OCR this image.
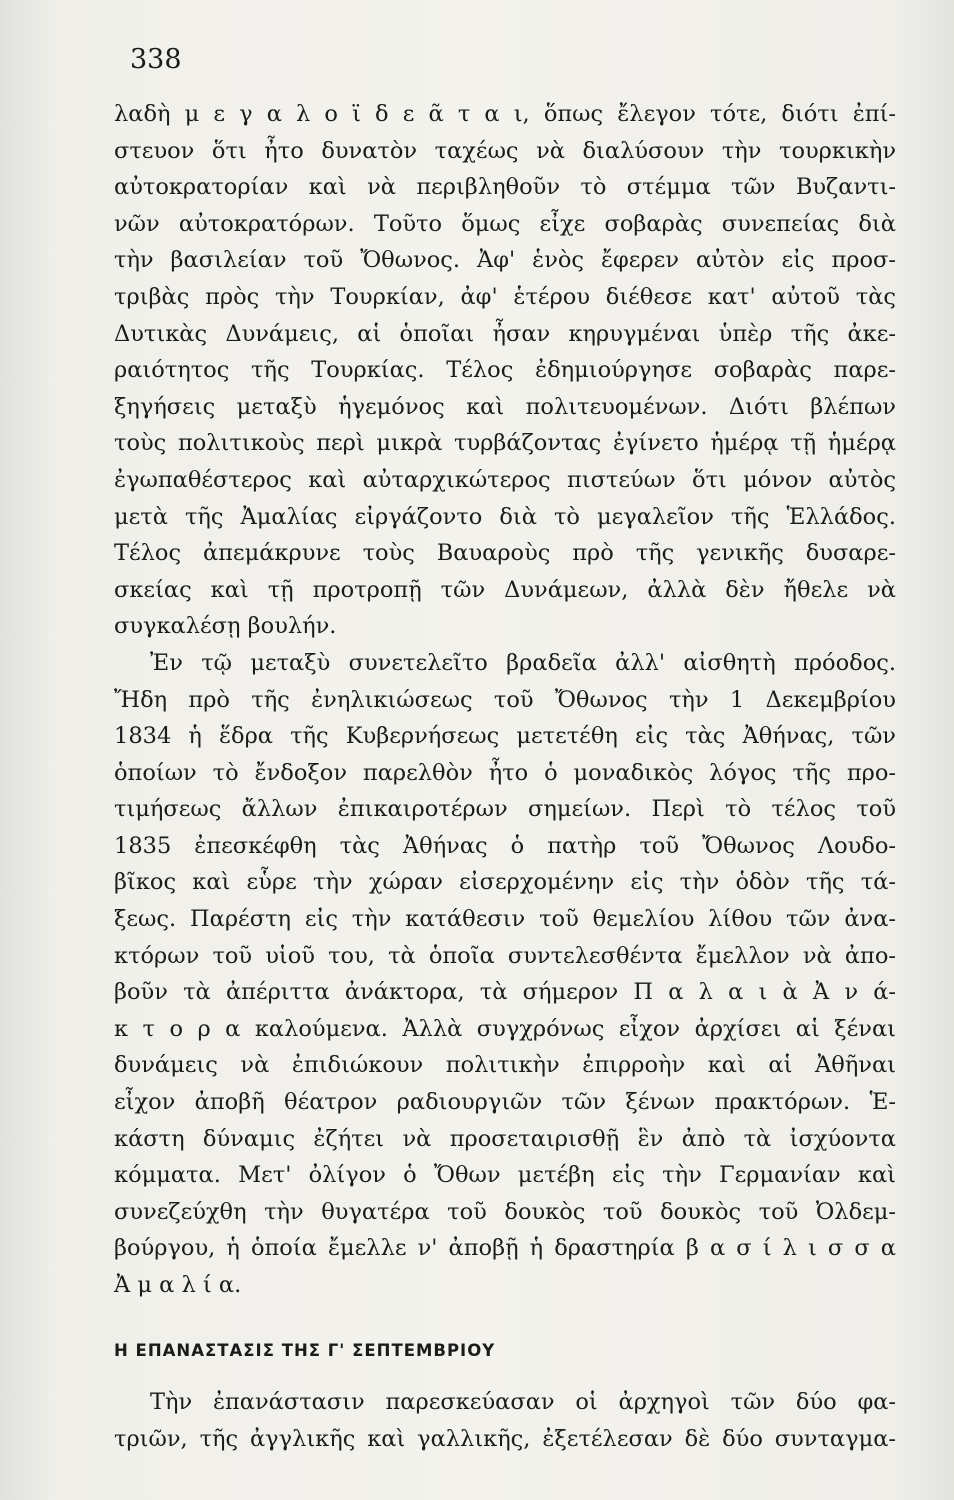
338
λαδὴ μ ε γ α λ ο ϊ δ ε ᾶ τ α ι, ὅπως ἔλεγον τότε, διότι ἐπί-
στευον ὅτι ἦτο δυνατὸν ταχέως νὰ διαλύσουν τὴν τουρκικὴν
αὐτοκρατορίαν καὶ νὰ περιβληθοῦν τὸ στέμμα τῶν Βυζαντι-
νῶν αὐτοκρατόρων. Τοῦτο ὅμως εἶχε σοβαρὰς συνεπείας διὰ
τὴν βασιλείαν τοῦ Ὄθωνος. Ἀφ' ἑνὸς ἔφερεν αὐτὸν εἰς προσ-
τριβὰς πρὸς τὴν Τουρκίαν, ἀφ' ἑτέρου διέθεσε κατ' αὐτοῦ τὰς
Δυτικὰς Δυνάμεις, αἱ ὁποῖαι ἦσαν κηρυγμέναι ὑπὲρ τῆς ἀκε-
ραιότητος τῆς Τουρκίας. Τέλος ἐδημιούργησε σοβαρὰς παρε-
ξηγήσεις μεταξὺ ἡγεμόνος καὶ πολιτευομένων. Διότι βλέπων
τοὺς πολιτικοὺς περὶ μικρὰ τυρβάζοντας ἐγίνετο ἡμέρᾳ τῇ ἡμέρᾳ
ἐγωπαθέστερος καὶ αὐταρχικώτερος πιστεύων ὅτι μόνον αὐτὸς
μετὰ τῆς Ἀμαλίας εἰργάζοντο διὰ τὸ μεγαλεῖον τῆς Ἑλλάδος.
Τέλος ἀπεμάκρυνε τοὺς Βαυαροὺς πρὸ τῆς γενικῆς δυσαρε-
σκείας καὶ τῇ προτροπῇ τῶν Δυνάμεων, ἀλλὰ δὲν ἤθελε νὰ
συγκαλέσῃ βουλήν.
Ἐν τῷ μεταξὺ συνετελεῖτο βραδεῖα ἀλλ' αἰσθητὴ πρόοδος.
Ἤδη πρὸ τῆς ἐνηλικιώσεως τοῦ Ὄθωνος τὴν 1 Δεκεμβρίου
1834 ἡ ἕδρα τῆς Κυβερνήσεως μετετέθη εἰς τὰς Ἀθήνας, τῶν
ὁποίων τὸ ἔνδοξον παρελθὸν ἦτο ὁ μοναδικὸς λόγος τῆς προ-
τιμήσεως ἄλλων ἐπικαιροτέρων σημείων. Περὶ τὸ τέλος τοῦ
1835 ἐπεσκέφθη τὰς Ἀθήνας ὁ πατὴρ τοῦ Ὄθωνος Λουδο-
βῖκος καὶ εὗρε τὴν χώραν εἰσερχομένην εἰς τὴν ὁδὸν τῆς τά-
ξεως. Παρέστη εἰς τὴν κατάθεσιν τοῦ θεμελίου λίθου τῶν ἀνα-
κτόρων τοῦ υἱοῦ του, τὰ ὁποῖα συντελεσθέντα ἔμελλον νὰ ἀπο-
βοῦν τὰ ἀπέριττα ἀνάκτορα, τὰ σήμερον Π α λ α ι ὰ Ἀ ν ά-
κ τ ο ρ α καλούμενα. Ἀλλὰ συγχρόνως εἶχον ἀρχίσει αἱ ξέναι
δυνάμεις νὰ ἐπιδιώκουν πολιτικὴν ἐπιρροὴν καὶ αἱ Ἀθῆναι
εἶχον ἀποβῆ θέατρον ραδιουργιῶν τῶν ξένων πρακτόρων. Ἑ-
κάστη δύναμις ἐζήτει νὰ προσεταιρισθῇ ἓν ἀπὸ τὰ ἰσχύοντα
κόμματα. Μετ' ὀλίγον ὁ Ὄθων μετέβη εἰς τὴν Γερμανίαν καὶ
συνεζεύχθη τὴν θυγατέρα τοῦ δουκὸς τοῦ δουκὸς τοῦ Ὀλδεμ-
βούργου, ἡ ὁποία ἔμελλε ν' ἀποβῇ ἡ δραστηρία β α σ ί λ ι σ σ α
Ἀ μ α λ ί α.
Η ΕΠΑΝΑΣΤΑΣΙΣ ΤΗΣ Γ' ΣΕΠΤΕΜΒΡΙΟΥ
Τὴν ἐπανάστασιν παρεσκεύασαν οἱ ἀρχηγοὶ τῶν δύο φα-
τριῶν, τῆς ἀγγλικῆς καὶ γαλλικῆς, ἐξετέλεσαν δὲ δύο συνταγμα-
